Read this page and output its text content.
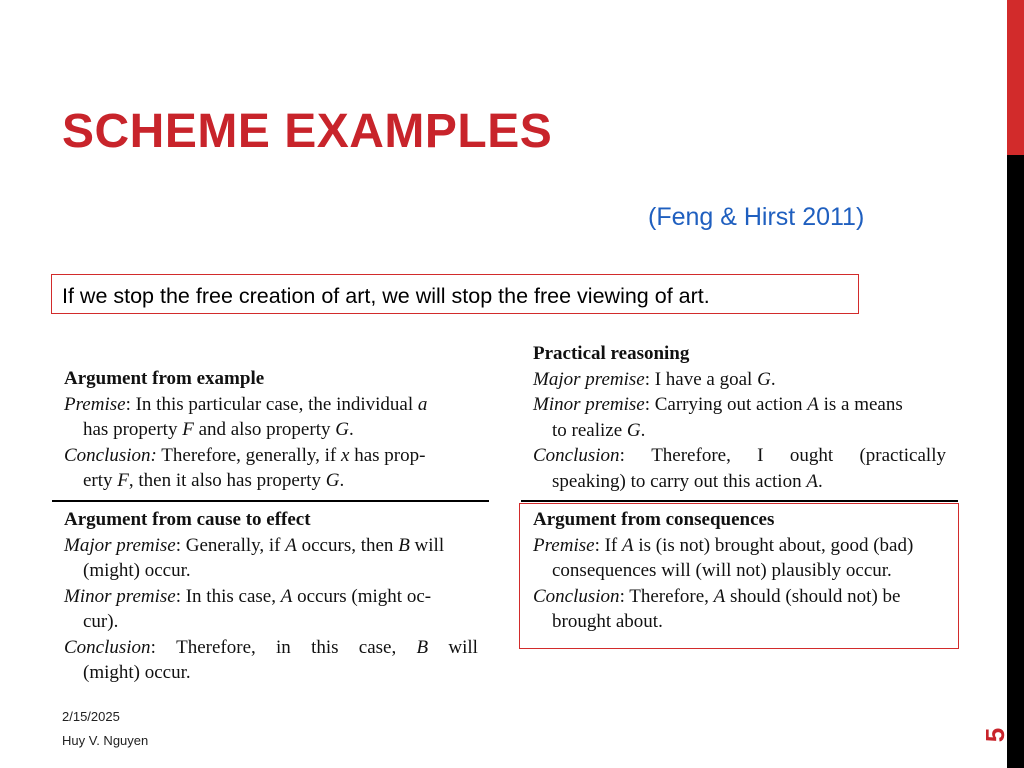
SCHEME EXAMPLES
(Feng & Hirst 2011)
If we stop the free creation of art, we will stop the free viewing of art.
Argument from example
Premise: In this particular case, the individual a
has property F and also property G.
Conclusion: Therefore, generally, if x has prop-
erty F, then it also has property G.
Practical reasoning
Major premise: I have a goal G.
Minor premise: Carrying out action A is a means
to realize G.
Conclusion: Therefore, I ought (practically
speaking) to carry out this action A.
Argument from cause to effect
Major premise: Generally, if A occurs, then B will
(might) occur.
Minor premise: In this case, A occurs (might oc-
cur).
Conclusion: Therefore, in this case, B will
(might) occur.
Argument from consequences
Premise: If A is (is not) brought about, good (bad)
consequences will (will not) plausibly occur.
Conclusion: Therefore, A should (should not) be
brought about.
2/15/2025
Huy V. Nguyen	5
